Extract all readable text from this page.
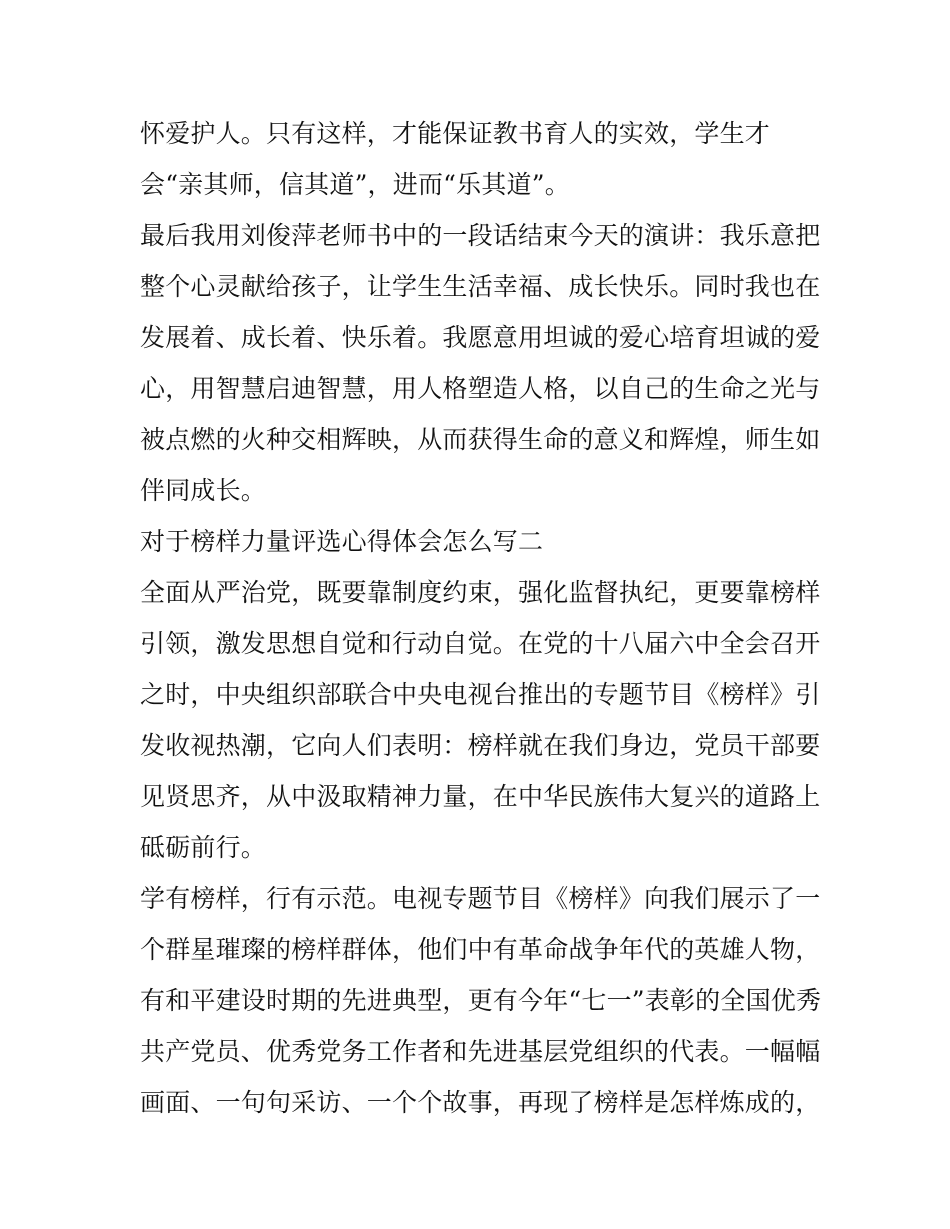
怀爱护人。只有这样，才能保证教书育人的实效，学生才
会“亲其师，信其道”，进而“乐其道”。
最后我用刘俊萍老师书中的一段话结束今天的演讲：我乐意把
整个心灵献给孩子，让学生生活幸福、成长快乐。同时我也在
发展着、成长着、快乐着。我愿意用坦诚的爱心培育坦诚的爱
心，用智慧启迪智慧，用人格塑造人格，以自己的生命之光与
被点燃的火种交相辉映，从而获得生命的意义和辉煌，师生如
伴同成长。
对于榜样力量评选心得体会怎么写二
全面从严治党，既要靠制度约束，强化监督执纪，更要靠榜样
引领，激发思想自觉和行动自觉。在党的十八届六中全会召开
之时，中央组织部联合中央电视台推出的专题节目《榜样》引
发收视热潮，它向人们表明：榜样就在我们身边，党员干部要
见贤思齐，从中汲取精神力量，在中华民族伟大复兴的道路上
砥砺前行。
学有榜样，行有示范。电视专题节目《榜样》向我们展示了一
个群星璀璨的榜样群体，他们中有革命战争年代的英雄人物，
有和平建设时期的先进典型，更有今年“七一”表彰的全国优秀
共产党员、优秀党务工作者和先进基层党组织的代表。一幅幅
画面、一句句采访、一个个故事，再现了榜样是怎样炼成的，
